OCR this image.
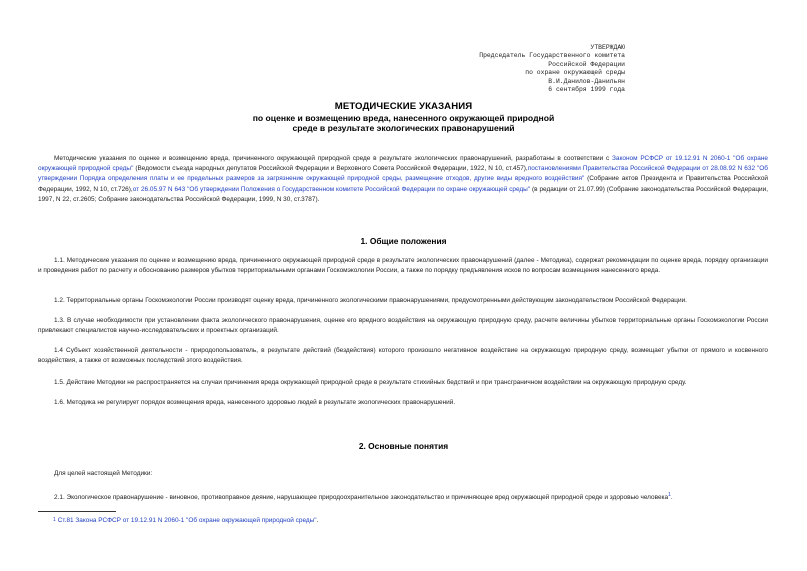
УТВЕРЖДАЮ
Председатель Государственного комитета
Российской Федерации
по охране окружающей среды
В.И.Данилов-Данильян
6 сентября 1999 года
МЕТОДИЧЕСКИЕ УКАЗАНИЯ
по оценке и возмещению вреда, нанесенного окружающей природной
среде в результате экологических правонарушений
Методические указания по оценке и возмещению вреда, причиненного окружающей природной среде в результате экологических правонарушений, разработаны в соответствии с Законом РСФСР от 19.12.91 N 2060-1 "Об охране окружающей природной среды" (Ведомости съезда народных депутатов Российской Федерации и Верховного Совета Российской Федерации, 1922, N 10, ст.457),постановлениями Правительства Российской Федерации от 28.08.92 N 632 "Об утверждении Порядка определения платы и ее предельных размеров за загрязнение окружающей природной среды, размещение отходов, другие виды вредного воздействия" (Собрание актов Президента и Правительства Российской Федерации, 1992, N 10, ст.726),от 26.05.97 N 643 "Об утверждении Положения о Государственном комитете Российской Федерации по охране окружающей среды" (в редакции от 21.07.99) (Собрание законодательства Российской Федерации, 1997, N 22, ст.2605; Собрание законодательства Российской Федерации, 1999, N 30, ст.3787).
1. Общие положения
1.1. Методические указания по оценке и возмещению вреда, причиненного окружающей природной среде в результате экологических правонарушений (далее - Методика), содержат рекомендации по оценке вреда, порядку организации и проведения работ по расчету и обоснованию размеров убытков территориальными органами Госкомэкологии России, а также по порядку предъявления исков по вопросам возмещения нанесенного вреда.
1.2. Территориальные органы Госкомэкологии России производят оценку вреда, причиненного экологическими правонарушениями, предусмотренными действующим законодательством Российской Федерации.
1.3. В случае необходимости при установлении факта экологического правонарушения, оценке его вредного воздействия на окружающую природную среду, расчете величины убытков территориальные органы Госкомэкологии России привлекают специалистов научно-исследовательских и проектных организаций.
1.4 Субъект хозяйственной деятельности - природопользователь, в результате действий (бездействия) которого произошло негативное воздействие на окружающую природную среду, возмещает убытки от прямого и косвенного воздействия, а также от возможных последствий этого воздействия.
1.5. Действие Методики не распространяется на случаи причинения вреда окружающей природной среде в результате стихийных бедствий и при трансграничном воздействии на окружающую природную среду.
1.6. Методика не регулирует порядок возмещения вреда, нанесенного здоровью людей в результате экологических правонарушений.
2. Основные понятия
Для целей настоящей Методики:
2.1. Экологическое правонарушение - виновное, противоправное деяние, нарушающее природоохранительное законодательство и причиняющее вред окружающей природной среде и здоровью человека$^1$.
1 Ст.81 Закона РСФСР от 19.12.91 N 2060-1 "Об охране окружающей природной среды".
